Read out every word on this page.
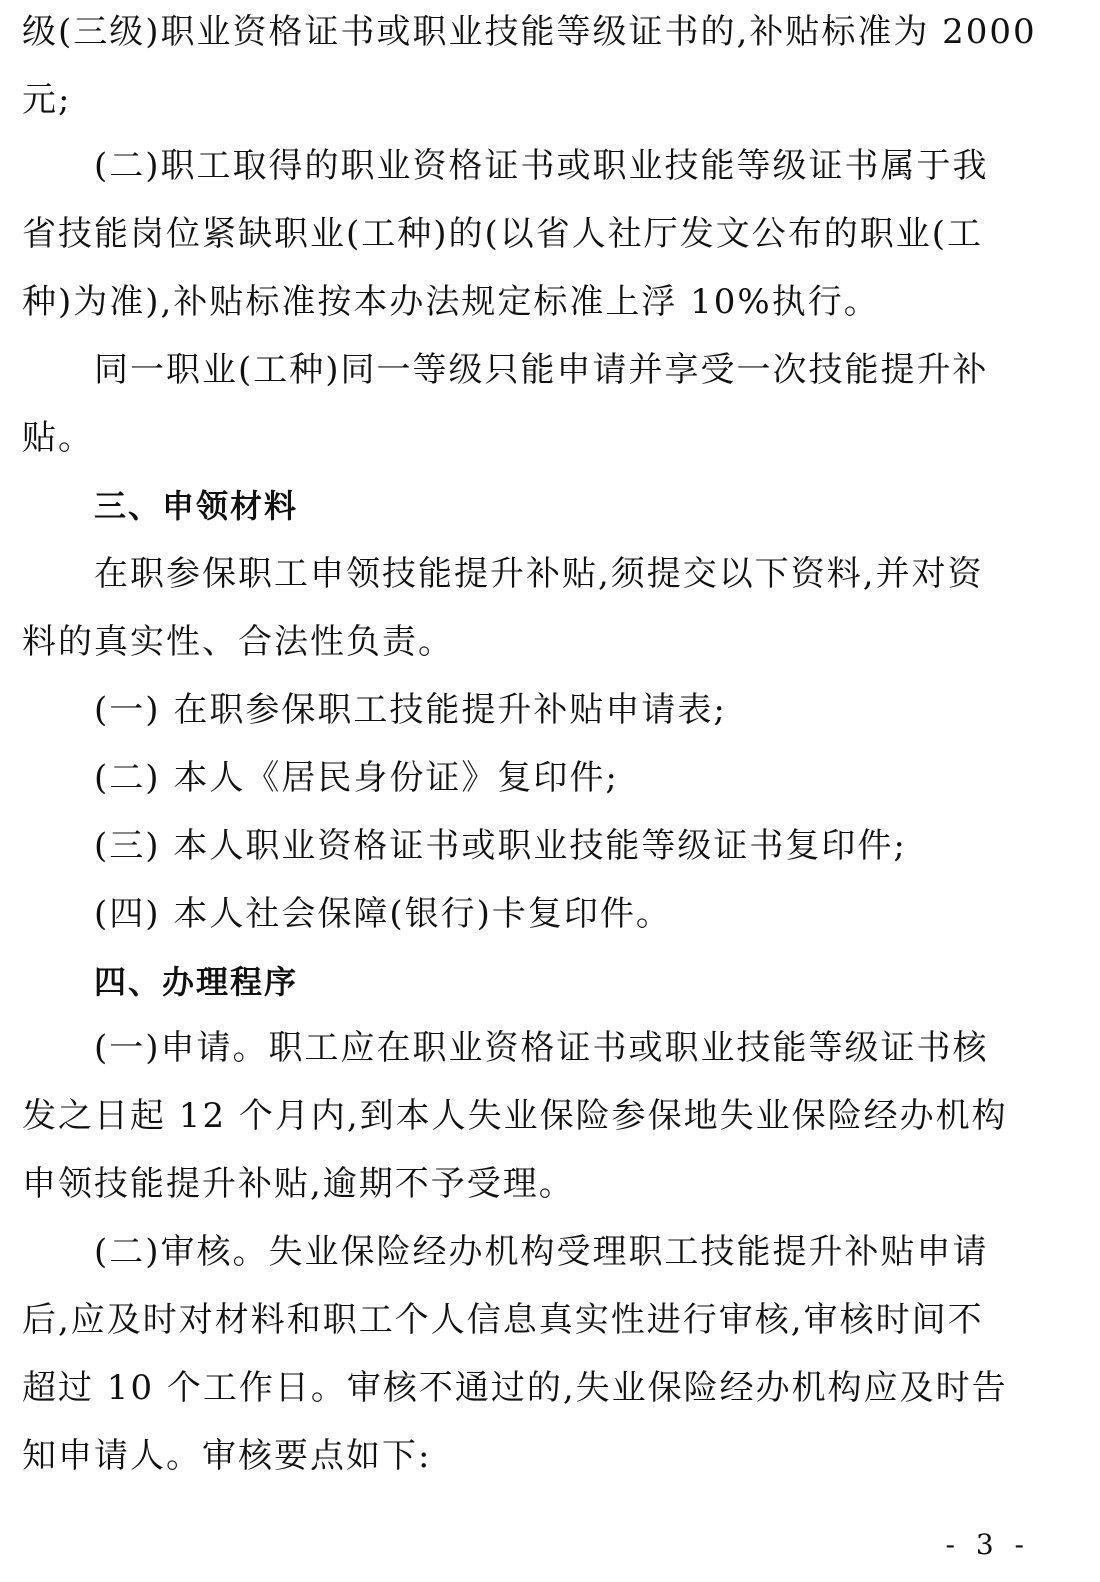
级(三级)职业资格证书或职业技能等级证书的,补贴标准为 2000
元;
(二)职工取得的职业资格证书或职业技能等级证书属于我
省技能岗位紧缺职业(工种)的(以省人社厅发文公布的职业(工
种)为准),补贴标准按本办法规定标准上浮 10%执行。
同一职业(工种)同一等级只能申请并享受一次技能提升补
贴。
三、申领材料
在职参保职工申领技能提升补贴,须提交以下资料,并对资
料的真实性、合法性负责。
(一) 在职参保职工技能提升补贴申请表;
(二) 本人《居民身份证》复印件;
(三) 本人职业资格证书或职业技能等级证书复印件;
(四) 本人社会保障(银行)卡复印件。
四、办理程序
(一)申请。职工应在职业资格证书或职业技能等级证书核
发之日起 12 个月内,到本人失业保险参保地失业保险经办机构
申领技能提升补贴,逾期不予受理。
(二)审核。失业保险经办机构受理职工技能提升补贴申请
后,应及时对材料和职工个人信息真实性进行审核,审核时间不
超过 10 个工作日。审核不通过的,失业保险经办机构应及时告
知申请人。审核要点如下:
- 3 -
